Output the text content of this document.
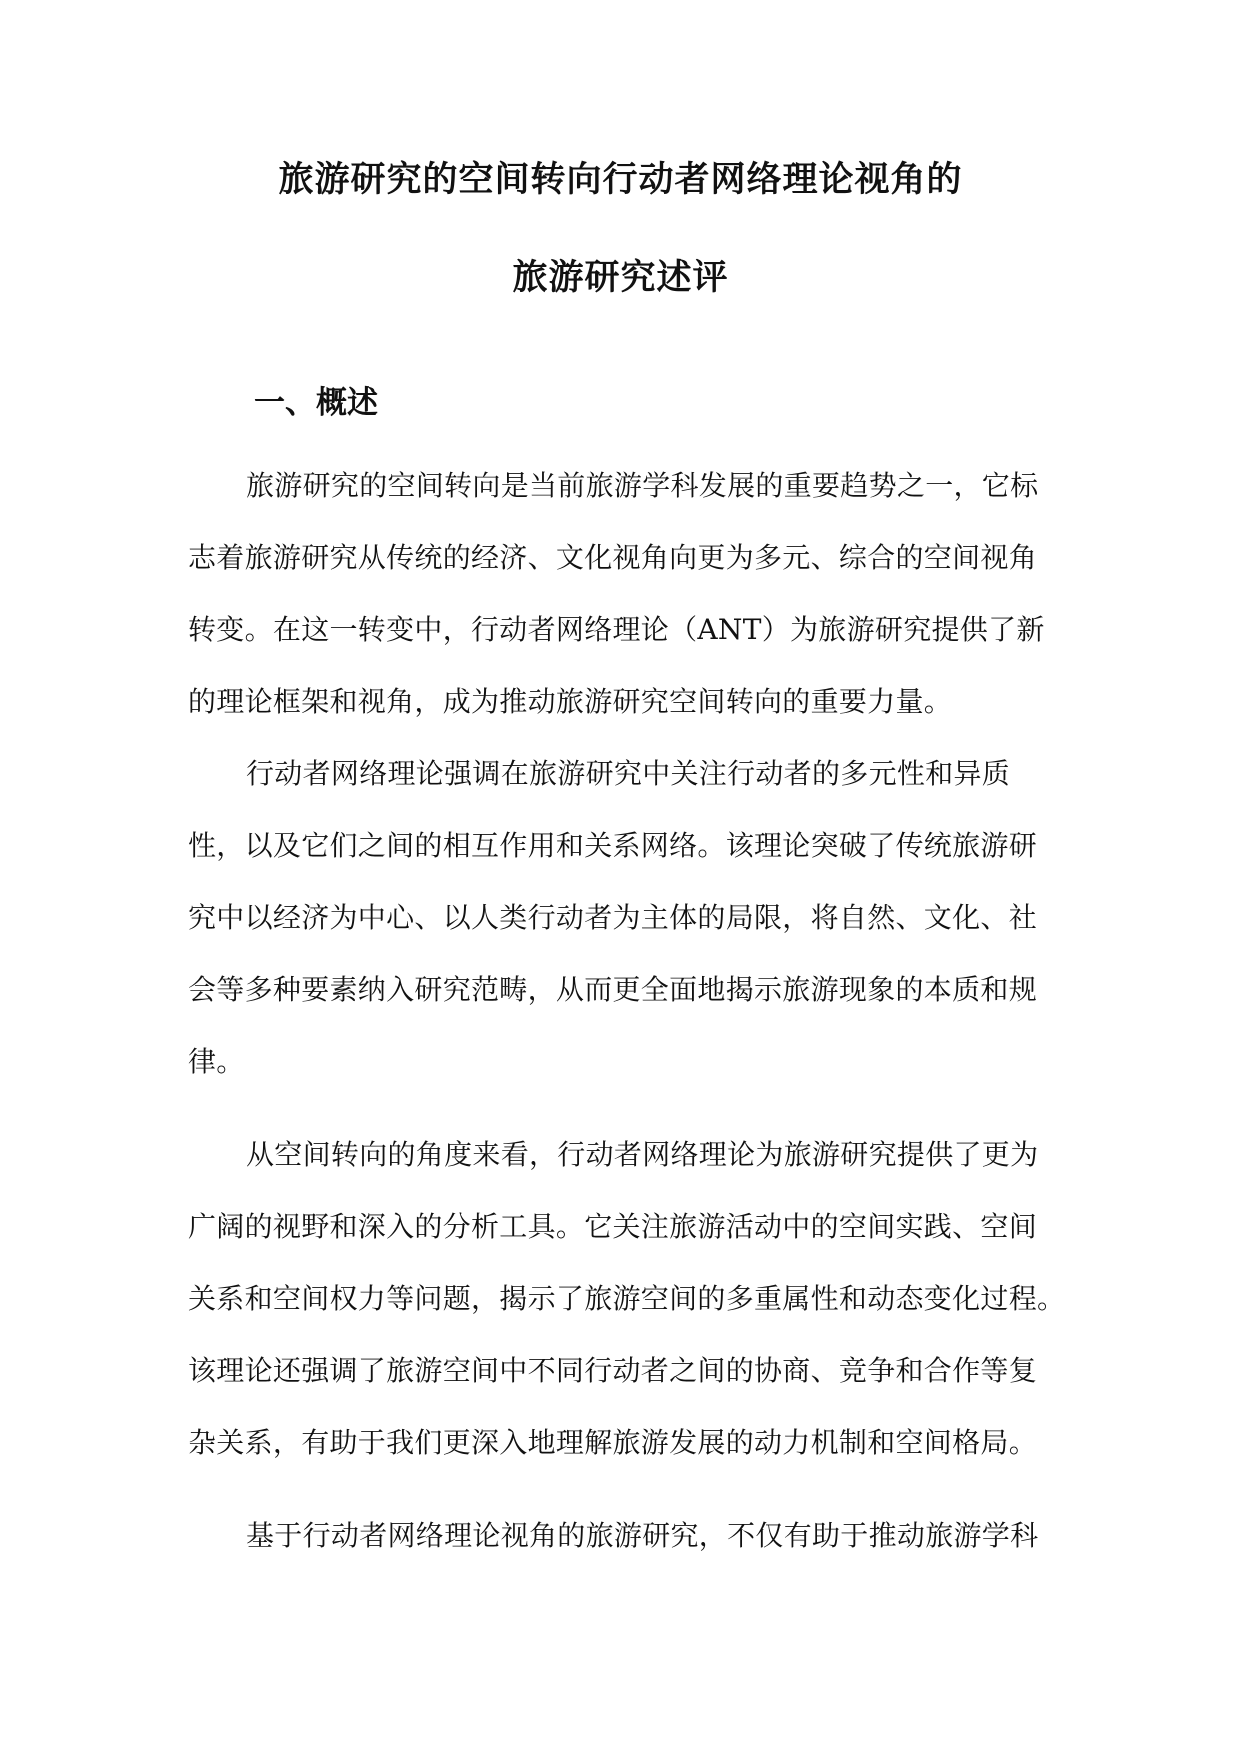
旅游研究的空间转向行动者网络理论视角的
旅游研究述评
一、概述
旅游研究的空间转向是当前旅游学科发展的重要趋势之一，它标
志着旅游研究从传统的经济、文化视角向更为多元、综合的空间视角
转变。在这一转变中，行动者网络理论（ANT）为旅游研究提供了新
的理论框架和视角，成为推动旅游研究空间转向的重要力量。
行动者网络理论强调在旅游研究中关注行动者的多元性和异质
性，以及它们之间的相互作用和关系网络。该理论突破了传统旅游研
究中以经济为中心、以人类行动者为主体的局限，将自然、文化、社
会等多种要素纳入研究范畴，从而更全面地揭示旅游现象的本质和规
律。
从空间转向的角度来看，行动者网络理论为旅游研究提供了更为
广阔的视野和深入的分析工具。它关注旅游活动中的空间实践、空间
关系和空间权力等问题，揭示了旅游空间的多重属性和动态变化过程。
该理论还强调了旅游空间中不同行动者之间的协商、竞争和合作等复
杂关系，有助于我们更深入地理解旅游发展的动力机制和空间格局。
基于行动者网络理论视角的旅游研究，不仅有助于推动旅游学科
